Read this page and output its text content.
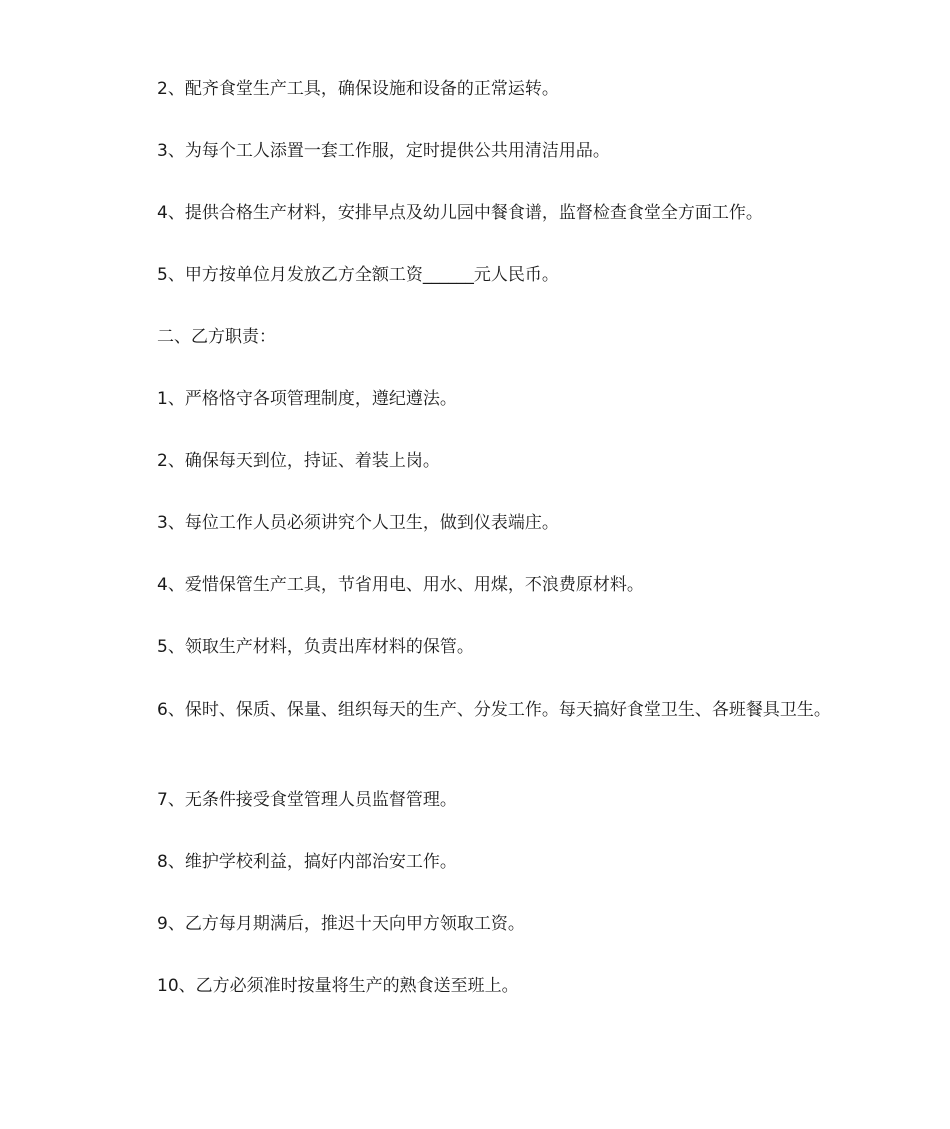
2、配齐食堂生产工具，确保设施和设备的正常运转。

3、为每个工人添置一套工作服，定时提供公共用清洁用品。

4、提供合格生产材料，安排早点及幼儿园中餐食谱，监督检查食堂全方面工作。

5、甲方按单位月发放乙方全额工资______元人民币。

二、乙方职责：

1、严格恪守各项管理制度，遵纪遵法。

2、确保每天到位，持证、着装上岗。

3、每位工作人员必须讲究个人卫生，做到仪表端庄。

4、爱惜保管生产工具，节省用电、用水、用煤，不浪费原材料。

5、领取生产材料，负责出库材料的保管。

6、保时、保质、保量、组织每天的生产、分发工作。每天搞好食堂卫生、各班餐具卫生。

7、无条件接受食堂管理人员监督管理。

8、维护学校利益，搞好内部治安工作。

9、乙方每月期满后，推迟十天向甲方领取工资。

10、乙方必须准时按量将生产的熟食送至班上。
